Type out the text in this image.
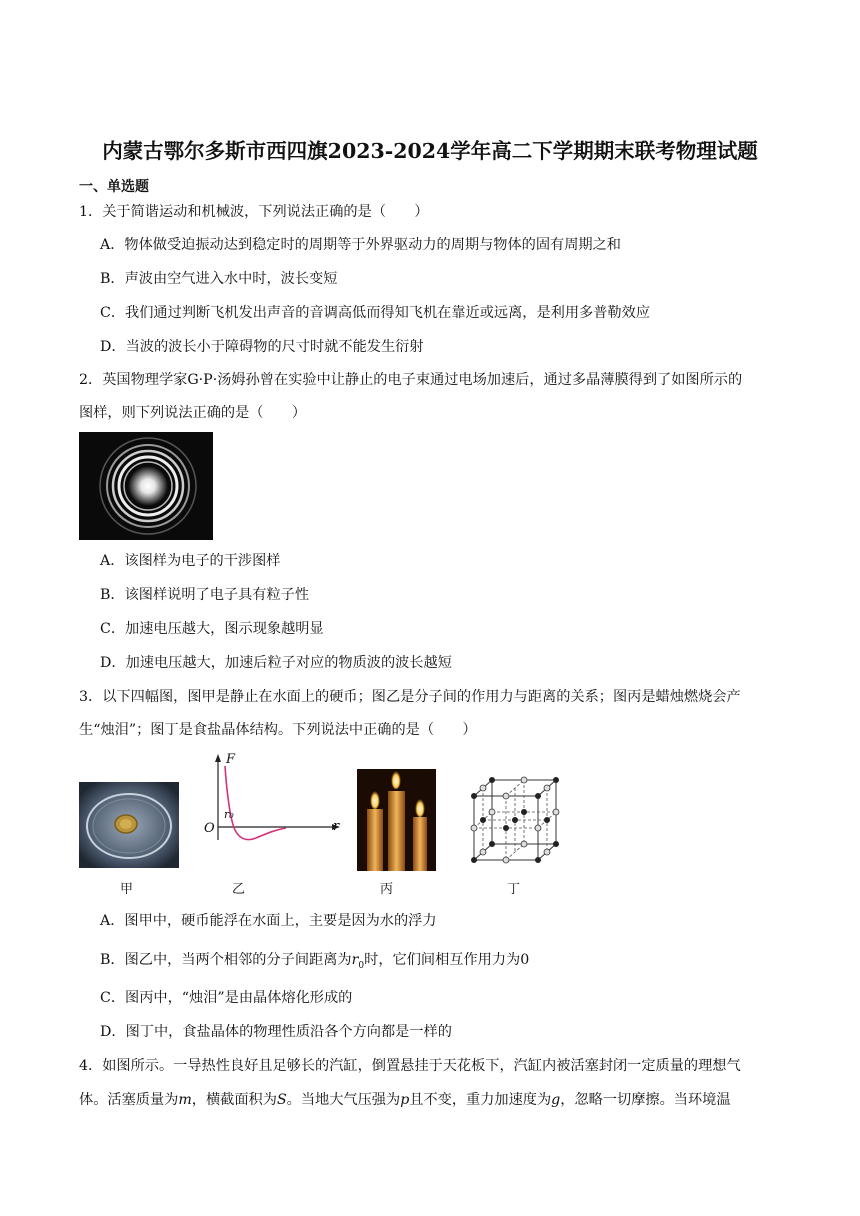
内蒙古鄂尔多斯市西四旗2023-2024学年高二下学期期末联考物理试题
一、单选题
1．关于简谐运动和机械波，下列说法正确的是（　　）
A．物体做受迫振动达到稳定时的周期等于外界驱动力的周期与物体的固有周期之和
B．声波由空气进入水中时，波长变短
C．我们通过判断飞机发出声音的音调高低而得知飞机在靠近或远离，是利用多普勒效应
D．当波的波长小于障碍物的尺寸时就不能发生衍射
2．英国物理学家G·P·汤姆孙曾在实验中让静止的电子束通过电场加速后，通过多晶薄膜得到了如图所示的
图样，则下列说法正确的是（　　）
A．该图样为电子的干涉图样
B．该图样说明了电子具有粒子性
C．加速电压越大，图示现象越明显
D．加速电压越大，加速后粒子对应的物质波的波长越短
3．以下四幅图，图甲是静止在水面上的硬币；图乙是分子间的作用力与距离的关系；图丙是蜡烛燃烧会产
生“烛泪”；图丁是食盐晶体结构。下列说法中正确的是（　　）
甲
F
r
O
r₀
乙	丙	丁
A．图甲中，硬币能浮在水面上，主要是因为水的浮力
B．图乙中，当两个相邻的分子间距离为$r_0$时，它们间相互作用力为0
C．图丙中，“烛泪”是由晶体熔化形成的
D．图丁中，食盐晶体的物理性质沿各个方向都是一样的
4．如图所示。一导热性良好且足够长的汽缸，倒置悬挂于天花板下，汽缸内被活塞封闭一定质量的理想气
体。活塞质量为m，横截面积为S。当地大气压强为p且不变，重力加速度为g，忽略一切摩擦。当环境温
